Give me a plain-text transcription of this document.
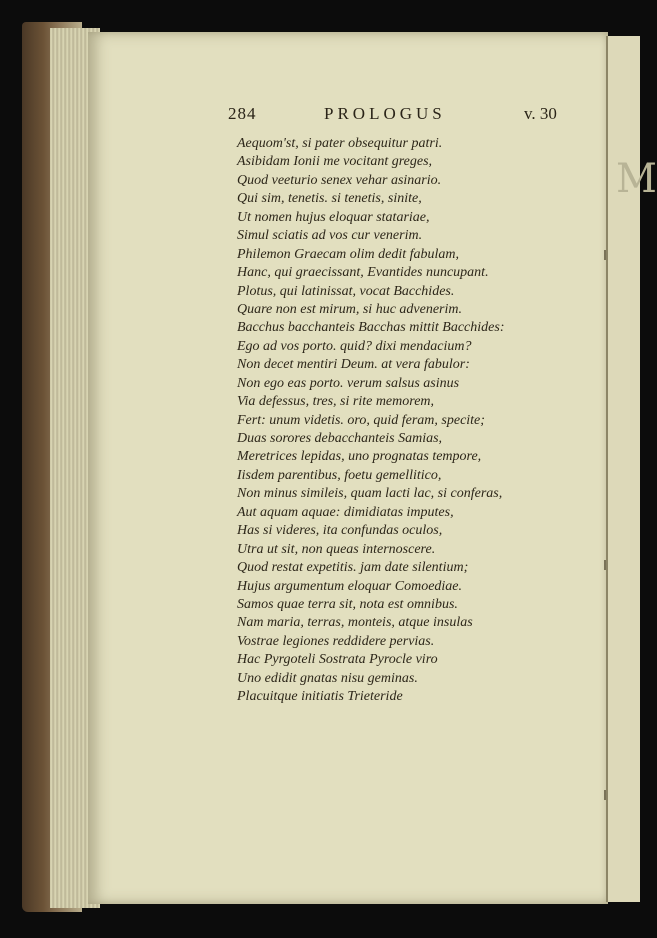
M
284	PROLOGUS	v. 30
Aequom'st, si pater obsequitur patri.
Asibidam Ionii me vocitant greges,
Quod veeturio senex vehar asinario.
Qui sim, tenetis. si tenetis, sinite,
Ut nomen hujus eloquar statariae,
Simul sciatis ad vos cur venerim.
Philemon Graecam olim dedit fabulam,
Hanc, qui graecissant, Evantides nuncupant.
Plotus, qui latinissat, vocat Bacchides.
Quare non est mirum, si huc advenerim.
Bacchus bacchanteis Bacchas mittit Bacchides:
Ego ad vos porto. quid? dixi mendacium?
Non decet mentiri Deum. at vera fabulor:
Non ego eas porto. verum salsus asinus
Via defessus, tres, si rite memorem,
Fert: unum videtis. oro, quid feram, specite;
Duas sorores debacchanteis Samias,
Meretrices lepidas, uno prognatas tempore,
Iisdem parentibus, foetu gemellitico,
Non minus simileis, quam lacti lac, si conferas,
Aut aquam aquae: dimidiatas imputes,
Has si videres, ita confundas oculos,
Utra ut sit, non queas internoscere.
Quod restat expetitis. jam date silentium;
Hujus argumentum eloquar Comoediae.
Samos quae terra sit, nota est omnibus.
Nam maria, terras, monteis, atque insulas
Vostrae legiones reddidere pervias.
Hac Pyrgoteli Sostrata Pyrocle viro
Uno edidit gnatas nisu geminas.
Placuitque initiatis Trieteride
